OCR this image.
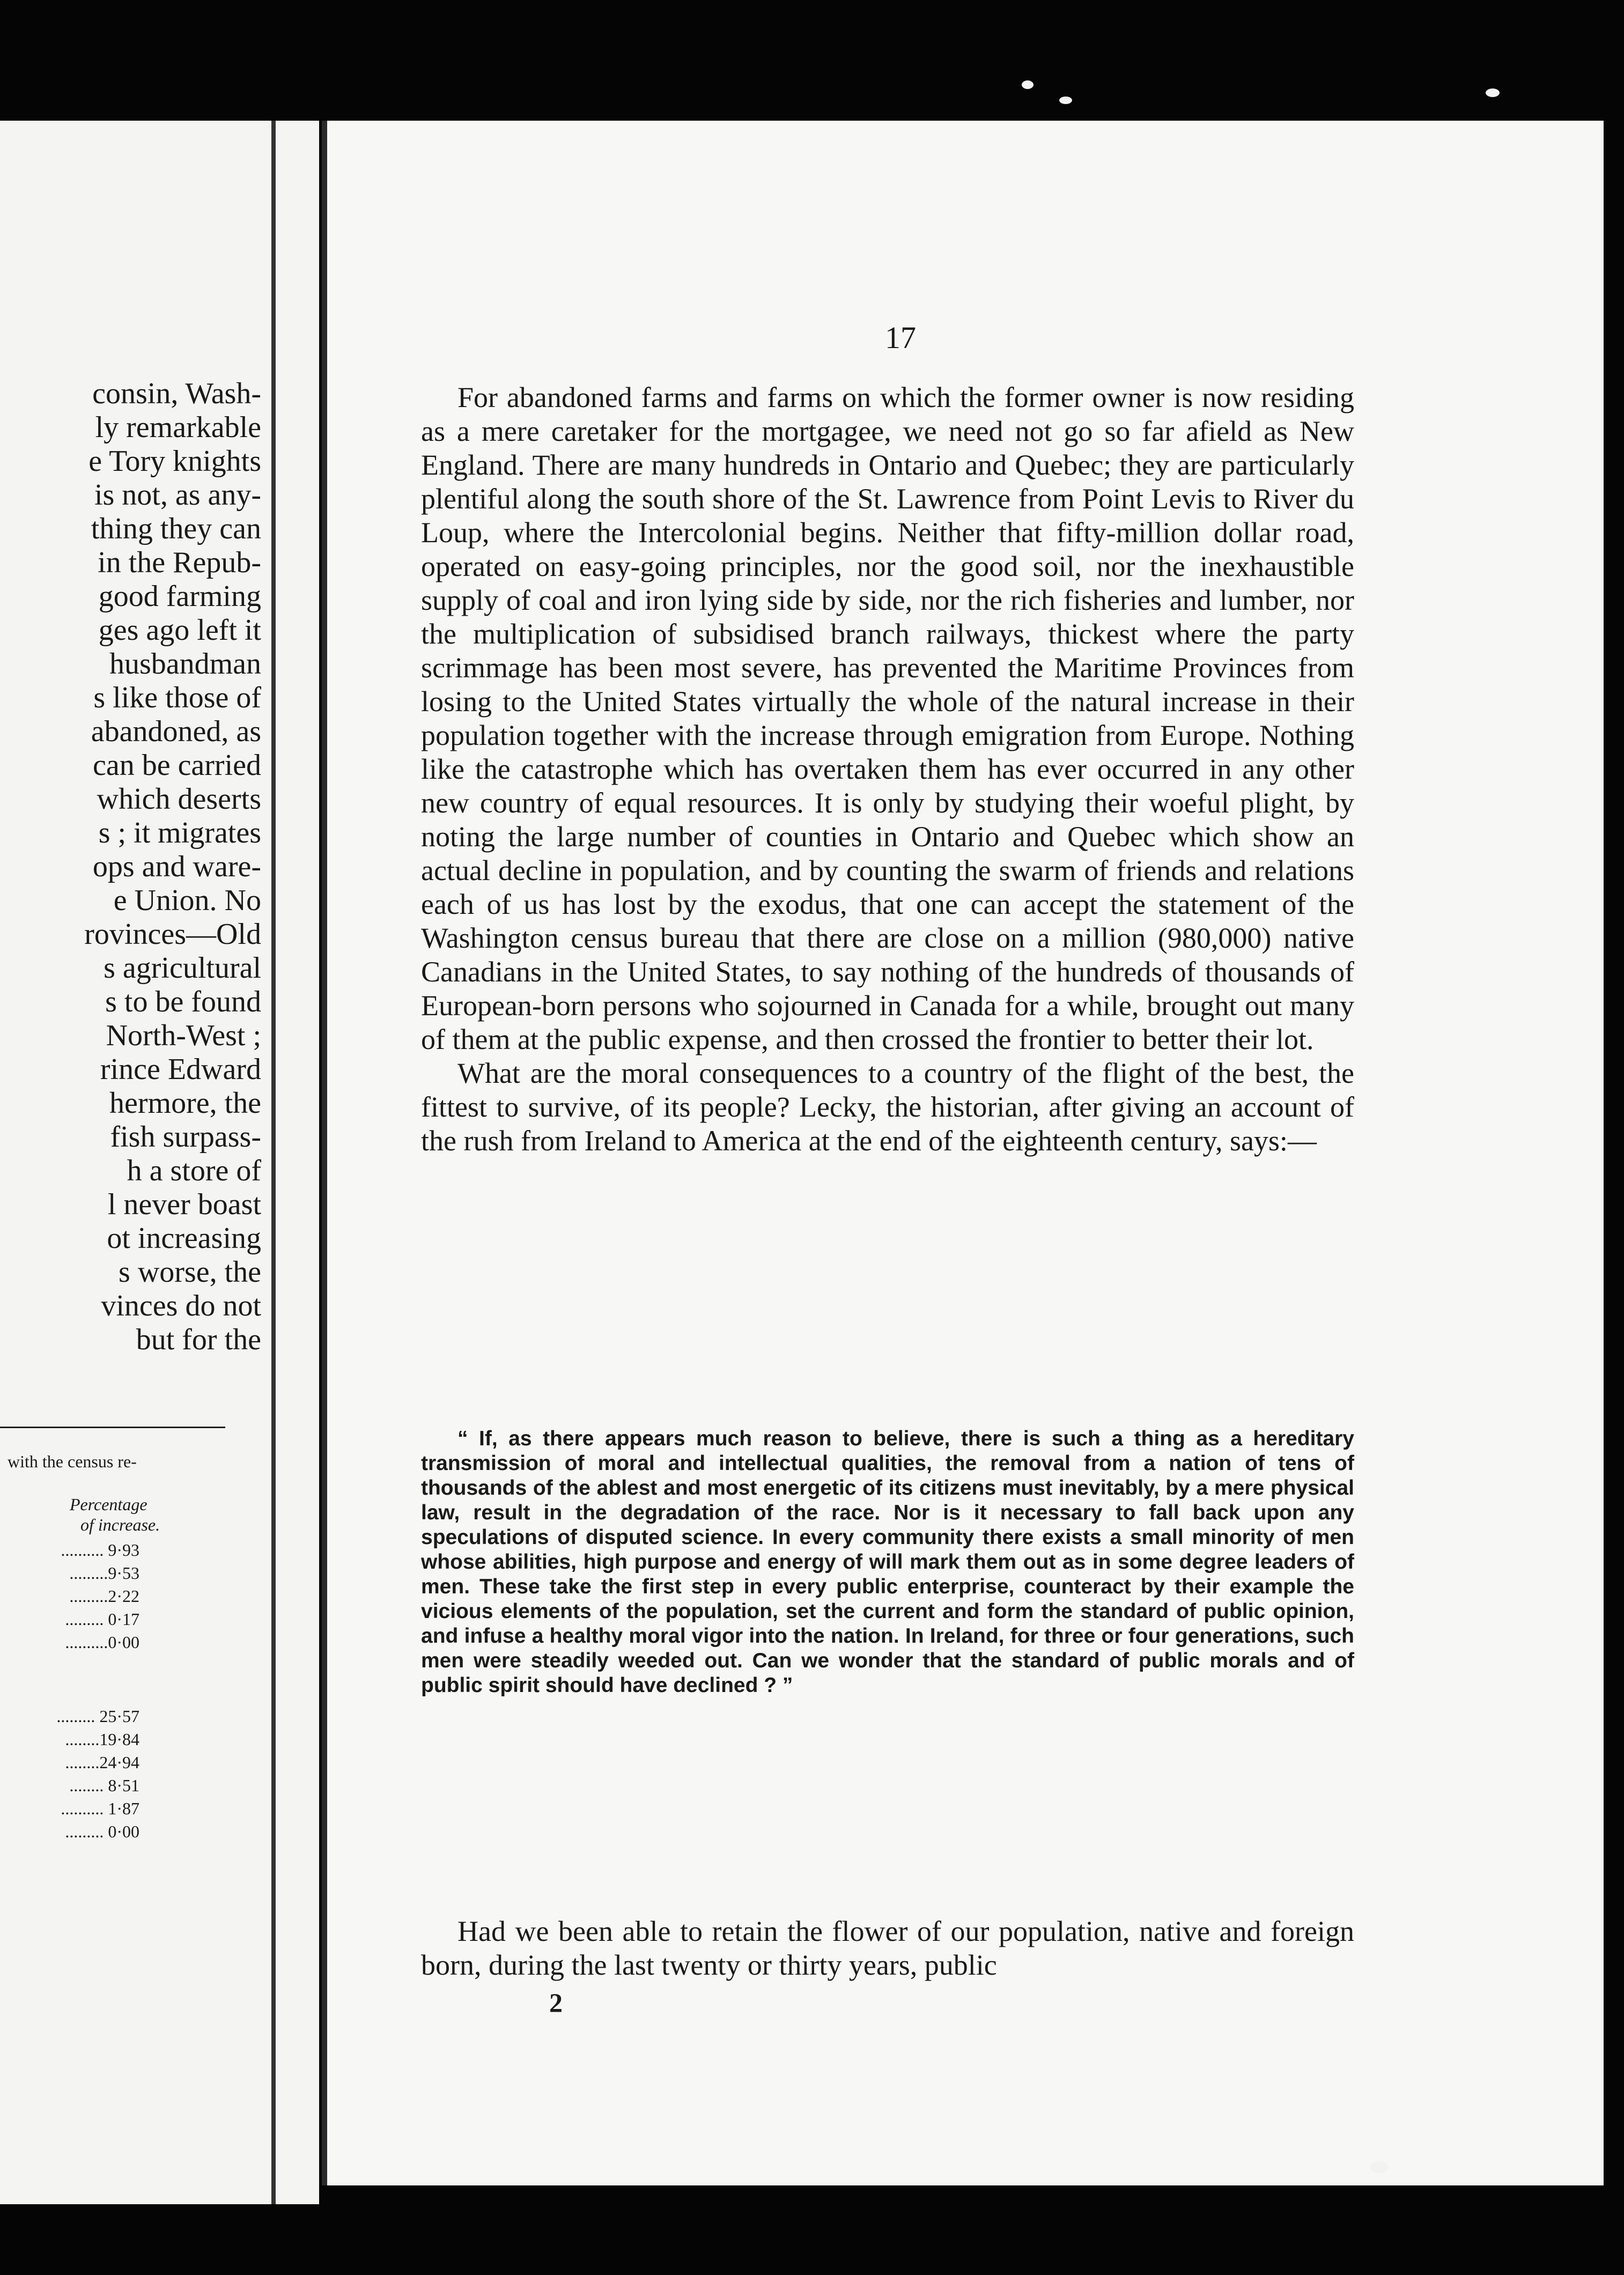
consin, Wash-
ly remarkable
e Tory knights
is not, as any-
thing they can
in the Repub-
good farming
ges ago left it
husbandman
s like those of
abandoned, as
can be carried
which deserts
s ; it migrates
ops and ware-
e Union. No
rovinces—Old
s agricultural
s to be found
North-West ;
rince Edward
hermore, the
fish surpass-
h a store of
l never boast
ot increasing
s worse, the
vinces do not
but for the
with the census re-
Percentage
of increase.
.......... 9·93
.........9·53
.........2·22
......... 0·17
..........0·00
......... 25·57
........19·84
........24·94
........ 8·51
.......... 1·87
......... 0·00
17

For abandoned farms and farms on which the former owner is now residing as a mere caretaker for the mortgagee, we need not go so far afield as New England. There are many hundreds in Ontario and Quebec; they are particularly plentiful along the south shore of the St. Lawrence from Point Levis to River du Loup, where the Intercolonial begins. Neither that fifty-million dollar road, operated on easy-going principles, nor the good soil, nor the inexhaustible supply of coal and iron lying side by side, nor the rich fisheries and lumber, nor the multiplication of subsidised branch railways, thickest where the party scrimmage has been most severe, has prevented the Maritime Provinces from losing to the United States virtually the whole of the natural increase in their population together with the increase through emigration from Europe. Nothing like the catastrophe which has overtaken them has ever occurred in any other new country of equal resources. It is only by studying their woeful plight, by noting the large number of counties in Ontario and Quebec which show an actual decline in population, and by counting the swarm of friends and relations each of us has lost by the exodus, that one can accept the statement of the Washington census bureau that there are close on a million (980,000) native Canadians in the United States, to say nothing of the hundreds of thousands of European-born persons who sojourned in Canada for a while, brought out many of them at the public expense, and then crossed the frontier to better their lot.

What are the moral consequences to a country of the flight of the best, the fittest to survive, of its people? Lecky, the historian, after giving an account of the rush from Ireland to America at the end of the eighteenth century, says:—

“ If, as there appears much reason to believe, there is such a thing as a hereditary transmission of moral and intellectual qualities, the removal from a nation of tens of thousands of the ablest and most energetic of its citizens must inevitably, by a mere physical law, result in the degradation of the race. Nor is it necessary to fall back upon any speculations of disputed science. In every community there exists a small minority of men whose abilities, high purpose and energy of will mark them out as in some degree leaders of men. These take the first step in every public enterprise, counteract by their example the vicious elements of the population, set the current and form the standard of public opinion, and infuse a healthy moral vigor into the nation. In Ireland, for three or four generations, such men were steadily weeded out. Can we wonder that the standard of public morals and of public spirit should have declined ? ”

Had we been able to retain the flower of our population, native and foreign born, during the last twenty or thirty years, public

2
